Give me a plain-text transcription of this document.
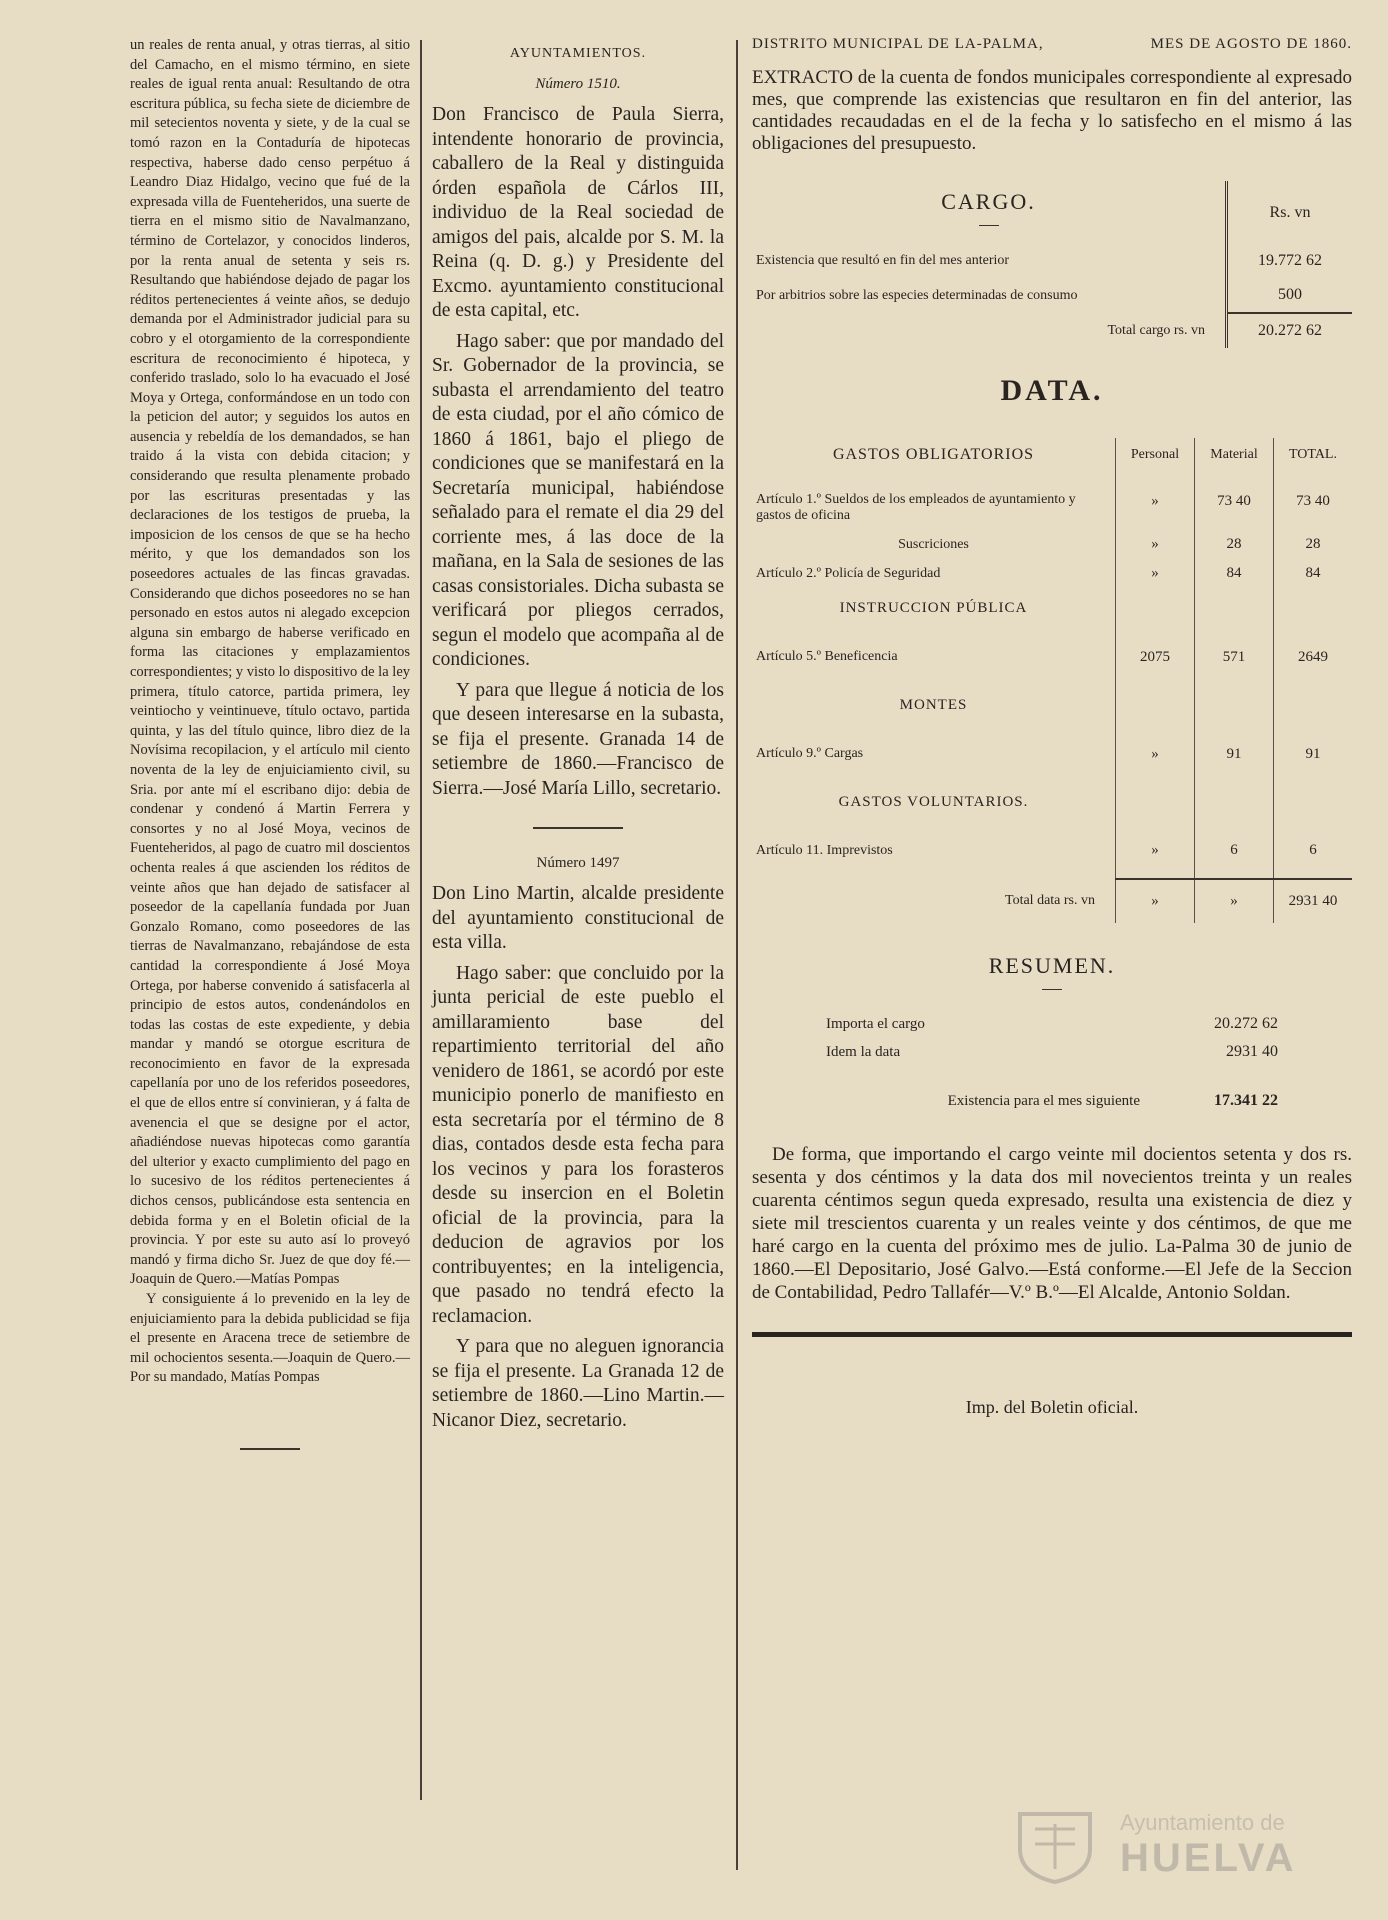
un reales de renta anual, y otras tierras, al sitio del Camacho, en el mismo término, en siete reales de igual renta anual: Resultando de otra escritura pública, su fecha siete de diciembre de mil setecientos noventa y siete, y de la cual se tomó razon en la Contaduría de hipotecas respectiva, haberse dado censo perpétuo á Leandro Diaz Hidalgo, vecino que fué de la expresada villa de Fuenteheridos, una suerte de tierra en el mismo sitio de Navalmanzano, término de Cortelazor, y conocidos linderos, por la renta anual de setenta y seis rs. Resultando que habiéndose dejado de pagar los réditos pertenecientes á veinte años, se dedujo demanda por el Administrador judicial para su cobro y el otorgamiento de la correspondiente escritura de reconocimiento é hipoteca, y conferido traslado, solo lo ha evacuado el José Moya y Ortega, conformándose en un todo con la peticion del autor; y seguidos los autos en ausencia y rebeldía de los demandados, se han traido á la vista con debida citacion; y considerando que resulta plenamente probado por las escrituras presentadas y las declaraciones de los testigos de prueba, la imposicion de los censos de que se ha hecho mérito, y que los demandados son los poseedores actuales de las fincas gravadas. Considerando que dichos poseedores no se han personado en estos autos ni alegado excepcion alguna sin embargo de haberse verificado en forma las citaciones y emplazamientos correspondientes; y visto lo dispositivo de la ley primera, título catorce, partida primera, ley veintiocho y veintinueve, título octavo, partida quinta, y las del título quince, libro diez de la Novísima recopilacion, y el artículo mil ciento noventa de la ley de enjuiciamiento civil, su Sria. por ante mí el escribano dijo: debia de condenar y condenó á Martin Ferrera y consortes y no al José Moya, vecinos de Fuenteheridos, al pago de cuatro mil doscientos ochenta reales á que ascienden los réditos de veinte años que han dejado de satisfacer al poseedor de la capellanía fundada por Juan Gonzalo Romano, como poseedores de las tierras de Navalmanzano, rebajándose de esta cantidad la correspondiente á José Moya Ortega, por haberse convenido á satisfacerla al principio de estos autos, condenándolos en todas las costas de este expediente, y debia mandar y mandó se otorgue escritura de reconocimiento en favor de la expresada capellanía por uno de los referidos poseedores, el que de ellos entre sí convinieran, y á falta de avenencia el que se designe por el actor, añadiéndose nuevas hipotecas como garantía del ulterior y exacto cumplimiento del pago en lo sucesivo de los réditos pertenecientes á dichos censos, publicándose esta sentencia en debida forma y en el Boletin oficial de la provincia. Y por este su auto así lo proveyó mandó y firma dicho Sr. Juez de que doy fé.—Joaquin de Quero.—Matías Pompas

Y consiguiente á lo prevenido en la ley de enjuiciamiento para la debida publicidad se fija el presente en Aracena trece de setiembre de mil ochocientos sesenta.—Joaquin de Quero.—Por su mandado, Matías Pompas

AYUNTAMIENTOS.
Número 1510.

Don Francisco de Paula Sierra, intendente honorario de provincia, caballero de la Real y distinguida órden española de Cárlos III, individuo de la Real sociedad de amigos del pais, alcalde por S. M. la Reina (q. D. g.) y Presidente del Excmo. ayuntamiento constitucional de esta capital, etc.

Hago saber: que por mandado del Sr. Gobernador de la provincia, se subasta el arrendamiento del teatro de esta ciudad, por el año cómico de 1860 á 1861, bajo el pliego de condiciones que se manifestará en la Secretaría municipal, habiéndose señalado para el remate el dia 29 del corriente mes, á las doce de la mañana, en la Sala de sesiones de las casas consistoriales. Dicha subasta se verificará por pliegos cerrados, segun el modelo que acompaña al de condiciones.

Y para que llegue á noticia de los que deseen interesarse en la subasta, se fija el presente. Granada 14 de setiembre de 1860.—Francisco de Sierra.—José María Lillo, secretario.

Número 1497

Don Lino Martin, alcalde presidente del ayuntamiento constitucional de esta villa.

Hago saber: que concluido por la junta pericial de este pueblo el amillaramiento base del repartimiento territorial del año venidero de 1861, se acordó por este municipio ponerlo de manifiesto en esta secretaría por el término de 8 dias, contados desde esta fecha para los vecinos y para los forasteros desde su insercion en el Boletin oficial de la provincia, para la deducion de agravios por los contribuyentes; en la inteligencia, que pasado no tendrá efecto la reclamacion.

Y para que no aleguen ignorancia se fija el presente. La Granada 12 de setiembre de 1860.—Lino Martin.—Nicanor Diez, secretario.

DISTRITO MUNICIPAL DE LA-PALMA,	MES DE AGOSTO DE 1860.

EXTRACTO de la cuenta de fondos municipales correspondiente al expresado mes, que comprende las existencias que resultaron en fin del anterior, las cantidades recaudadas en el de la fecha y lo satisfecho en el mismo á las obligaciones del presupuesto.

CARGO.	Rs. vn
Existencia que resultó en fin del mes anterior	19.772 62
Por arbitrios sobre las especies determinadas de consumo	500
Total cargo rs. vn	20.272 62
DATA.
GASTOS OBLIGATORIOS	Personal	Material	TOTAL.
Artículo 1.º Sueldos de los empleados de ayuntamiento y gastos de oficina	»	73 40	73 40
Suscriciones	»	28	28
Artículo 2.º Policía de Seguridad	»	84	84
INSTRUCCION PÚBLICA			
Artículo 5.º Beneficencia	2075	571	2649
MONTES			
Artículo 9.º Cargas	»	91	91
GASTOS VOLUNTARIOS.			
Artículo 11. Imprevistos	»	6	6
Total data rs. vn	»	»	2931 40
RESUMEN.
Importa el cargo	20.272 62
Idem la data	2931 40
Existencia para el mes siguiente	17.341 22

De forma, que importando el cargo veinte mil docientos setenta y dos rs. sesenta y dos céntimos y la data dos mil novecientos treinta y un reales cuarenta céntimos segun queda expresado, resulta una existencia de diez y siete mil trescientos cuarenta y un reales veinte y dos céntimos, de que me haré cargo en la cuenta del próximo mes de julio. La-Palma 30 de junio de 1860.—El Depositario, José Galvo.—Está conforme.—El Jefe de la Seccion de Contabilidad, Pedro Tallafér—V.º B.º—El Alcalde, Antonio Soldan.

Imp. del Boletin oficial.
Ayuntamiento de
HUELVA
